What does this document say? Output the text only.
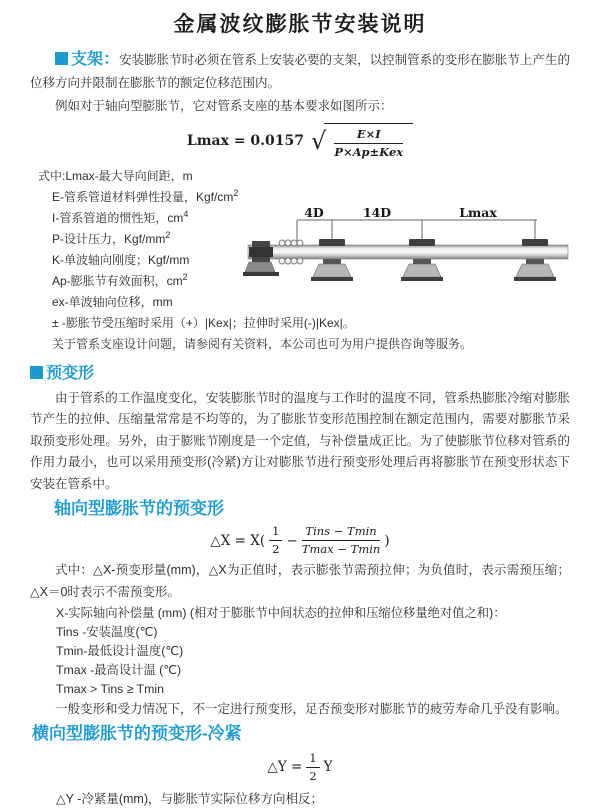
金属波纹膨胀节安装说明

支架：安装膨胀节时必须在管系上安装必要的支架，以控制管系的变形在膨胀节上产生的位移方向并限制在膨胀节的额定位移范围内。

例如对于轴向型膨胀节，它对管系支座的基本要求如图所示：

Lmax = 0.0157 √ $\frac{E\times I}{\text{P×Ap±Kex}}$
式中:Lmax-最大导向间距，m
E-管系管道材料弹性投量，Kgf/$cm^2$
I-管系管道的惯性矩，$cm^4$
P-设计压力，Kgf/$mm^2$
K-单波轴向刚度；Kgf/mm
Ap-膨胀节有效面积，$cm^2$
ex-单波轴向位移，mm
± -膨胀节受压缩时采用（+）|Kex|；拉伸时采用(-)|Kex|。

关于管系支座设计问题，请参阅有关资料，本公司也可为用户提供咨询等服务。

4D	14D	Lmax

预变形

由于管系的工作温度变化，安装膨胀节时的温度与工作时的温度不同，管系热膨胀冷缩对膨胀节产生的拉伸、压缩量常常是不均等的，为了膨胀节变形范围控制在额定范围内，需要对膨胀节采取预变形处理。另外，由于膨账节刚度是一个定值，与补偿量成正比。为了使膨胀节位移对管系的作用力最小，也可以采用预变形(冷紧)方让对膨胀节进行预变形处理后再将膨胀节在预变形状态下安装在管系中。

轴向型膨胀节的预变形
△X = $X( \frac{1}{2} - \frac{\text{Tins − Tmin}}{Tmax - Tmin}$ )

式中：△X-预变形量(mm)，△X为正值时，表示膨张节需预拉伸；为负值时，表示需预压缩；△X＝0时表示不需预变形。

X-实际轴向补偿量 (mm) (相对于膨胀节中间状态的拉伸和压缩位移量绝对值之和)：
Tins -安装温度(℃)
Tmin-最低设计温度(℃)
Tmax -最高设计温 (℃)
Tmax > Tins ≥ Tmin

一般变形和受力情况下，不一定进行预变形，足否预变形对膨胀节的疲劳寿命几乎没有影响。

横向型膨胀节的预变形-冷紧
△Y = $\frac{1}{2}$ Y

△Y -冷紧量(mm)，与膨胀节实际位移方向相反；
